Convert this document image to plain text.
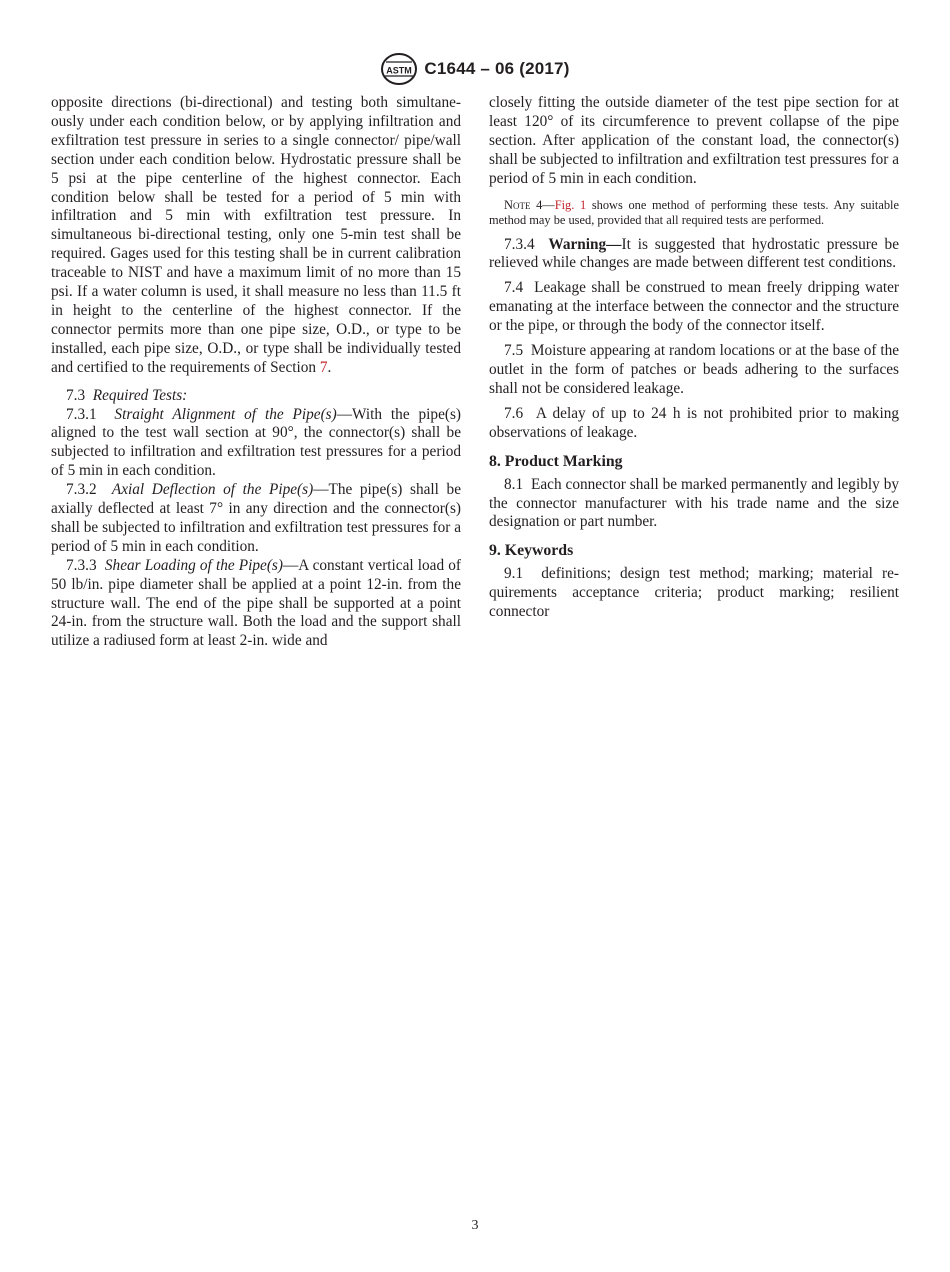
ASTM C1644 – 06 (2017)

opposite directions (bi-directional) and testing both simultaneously under each condition below, or by applying infiltration and exfiltration test pressure in series to a single connector/ pipe/wall section under each condition below. Hydrostatic pressure shall be 5 psi at the pipe centerline of the highest connector. Each condition below shall be tested for a period of 5 min with infiltration and 5 min with exfiltration test pressure. In simultaneous bi-directional testing, only one 5-min test shall be required. Gages used for this testing shall be in current calibration traceable to NIST and have a maximum limit of no more than 15 psi. If a water column is used, it shall measure no less than 11.5 ft in height to the centerline of the highest connector. If the connector permits more than one pipe size, O.D., or type to be installed, each pipe size, O.D., or type shall be individually tested and certified to the requirements of Section 7.

7.3 Required Tests:

7.3.1 Straight Alignment of the Pipe(s)—With the pipe(s) aligned to the test wall section at 90°, the connector(s) shall be subjected to infiltration and exfiltration test pressures for a period of 5 min in each condition.

7.3.2 Axial Deflection of the Pipe(s)—The pipe(s) shall be axially deflected at least 7° in any direction and the connector(s) shall be subjected to infiltration and exfiltration test pressures for a period of 5 min in each condition.

7.3.3 Shear Loading of the Pipe(s)—A constant vertical load of 50 lb/in. pipe diameter shall be applied at a point 12-in. from the structure wall. The end of the pipe shall be supported at a point 24-in. from the structure wall. Both the load and the support shall utilize a radiused form at least 2-in. wide and

closely fitting the outside diameter of the test pipe section for at least 120° of its circumference to prevent collapse of the pipe section. After application of the constant load, the connector(s) shall be subjected to infiltration and exfiltration test pressures for a period of 5 min in each condition.

Note 4—Fig. 1 shows one method of performing these tests. Any suitable method may be used, provided that all required tests are performed.

7.3.4 Warning—It is suggested that hydrostatic pressure be relieved while changes are made between different test conditions.

7.4 Leakage shall be construed to mean freely dripping water emanating at the interface between the connector and the structure or the pipe, or through the body of the connector itself.

7.5 Moisture appearing at random locations or at the base of the outlet in the form of patches or beads adhering to the surfaces shall not be considered leakage.

7.6 A delay of up to 24 h is not prohibited prior to making observations of leakage.

8. Product Marking

8.1 Each connector shall be marked permanently and legibly by the connector manufacturer with his trade name and the size designation or part number.

9. Keywords

9.1 definitions; design test method; marking; material requirements acceptance criteria; product marking; resilient connector

3
